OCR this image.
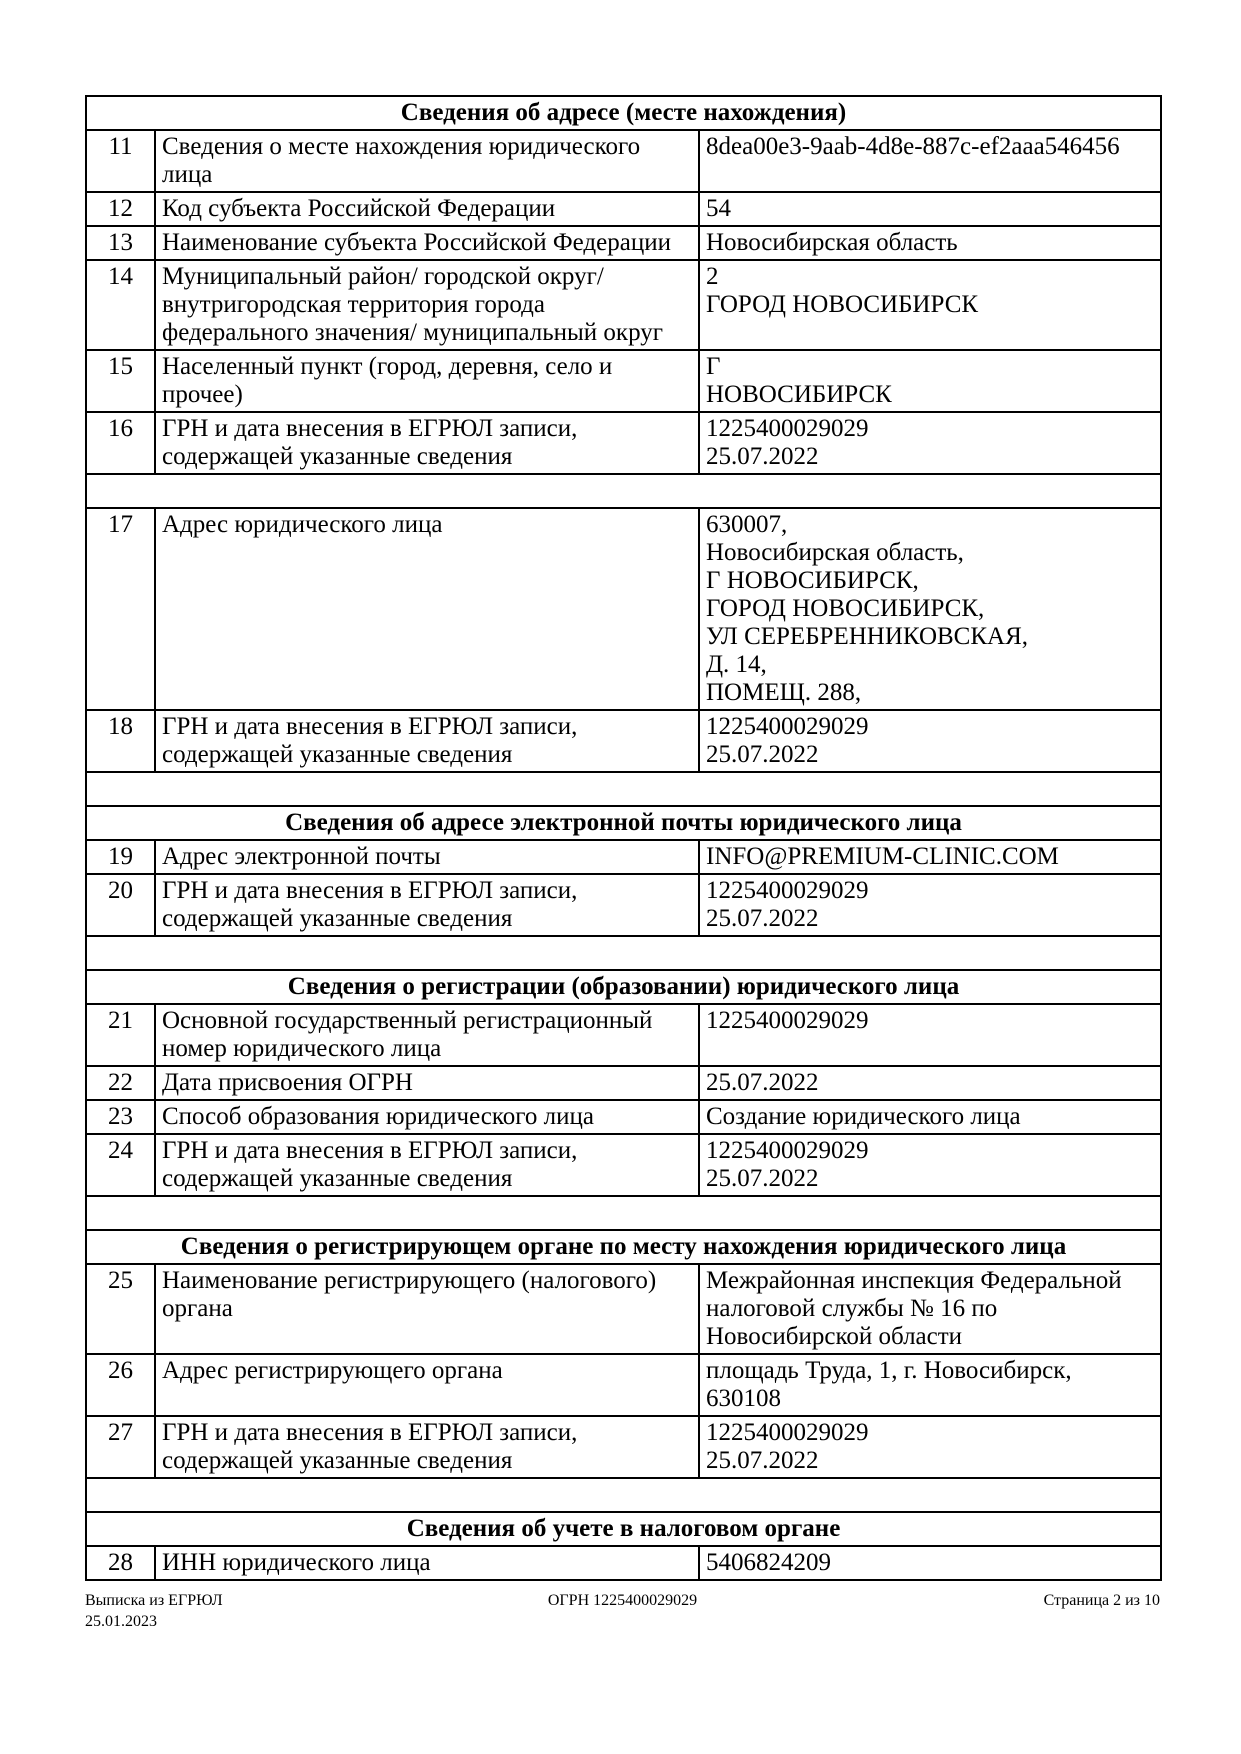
Сведения об адресе (месте нахождения)		
11	Сведения о месте нахождения юридического лица	8dea00e3-9aab-4d8e-887c-ef2aaa546456

12	Код субъекта Российской Федерации	54

13	Наименование субъекта Российской Федерации	Новосибирская область

14	Муниципальный район/ городской округ/ внутригородская территория города федерального значения/ муниципальный округ	2
ГОРОД НОВОСИБИРСК

15	Населенный пункт (город, деревня, село и прочее)	Г
НОВОСИБИРСК

16	ГРН и дата внесения в ЕГРЮЛ записи, содержащей указанные сведения	1225400029029
25.07.2022

17	Адрес юридического лица	630007,
Новосибирская область,
Г НОВОСИБИРСК,
ГОРОД НОВОСИБИРСК,
УЛ СЕРЕБРЕННИКОВСКАЯ,
Д. 14,
ПОМЕЩ. 288,

18	ГРН и дата внесения в ЕГРЮЛ записи, содержащей указанные сведения	1225400029029
25.07.2022

Сведения об адресе электронной почты юридического лица		
19	Адрес электронной почты	INFO@PREMIUM-CLINIC.COM

20	ГРН и дата внесения в ЕГРЮЛ записи, содержащей указанные сведения	1225400029029
25.07.2022

Сведения о регистрации (образовании) юридического лица		
21	Основной государственный регистрационный номер юридического лица	1225400029029

22	Дата присвоения ОГРН	25.07.2022

23	Способ образования юридического лица	Создание юридического лица

24	ГРН и дата внесения в ЕГРЮЛ записи, содержащей указанные сведения	1225400029029
25.07.2022

Сведения о регистрирующем органе по месту нахождения юридического лица		
25	Наименование регистрирующего (налогового) органа	Межрайонная инспекция Федеральной
налоговой службы № 16 по
Новосибирской области

26	Адрес регистрирующего органа	площадь Труда, 1, г. Новосибирск,
630108

27	ГРН и дата внесения в ЕГРЮЛ записи, содержащей указанные сведения	1225400029029
25.07.2022

Сведения об учете в налоговом органе		
28	ИНН юридического лица	5406824209
ОГРН 1225400029029
Выписка из ЕГРЮЛ
25.01.2023
Страница 2 из 10
